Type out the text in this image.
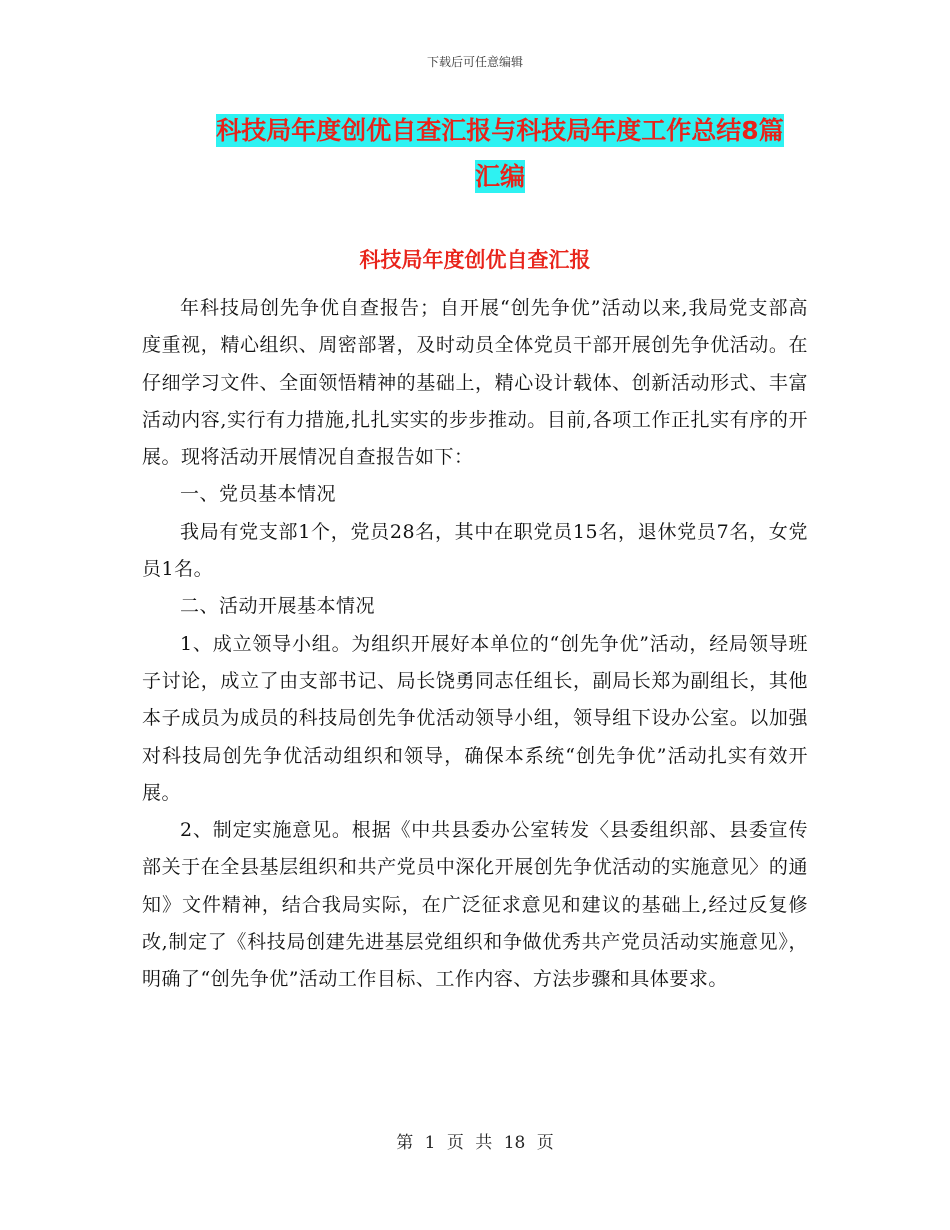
下载后可任意编辑
科技局年度创优自查汇报与科技局年度工作总结8篇
汇编
科技局年度创优自查汇报

年科技局创先争优自查报告；自开展“创先争优”活动以来,我局党支部高度重视，精心组织、周密部署，及时动员全体党员干部开展创先争优活动。在仔细学习文件、全面领悟精神的基础上，精心设计载体、创新活动形式、丰富活动内容,实行有力措施,扎扎实实的步步推动。目前,各项工作正扎实有序的开展。现将活动开展情况自查报告如下：

一、党员基本情况

我局有党支部1个，党员28名，其中在职党员15名，退休党员7名，女党员1名。

二、活动开展基本情况

1、成立领导小组。为组织开展好本单位的“创先争优”活动，经局领导班子讨论，成立了由支部书记、局长饶勇同志任组长，副局长郑为副组长，其他本子成员为成员的科技局创先争优活动领导小组，领导组下设办公室。以加强对科技局创先争优活动组织和领导，确保本系统“创先争优”活动扎实有效开展。

2、制定实施意见。根据《中共县委办公室转发〈县委组织部、县委宣传部关于在全县基层组织和共产党员中深化开展创先争优活动的实施意见〉的通知》文件精神，结合我局实际，在广泛征求意见和建议的基础上,经过反复修改,制定了《科技局创建先进基层党组织和争做优秀共产党员活动实施意见》，明确了“创先争优”活动工作目标、工作内容、方法步骤和具体要求。

第 1 页 共 18 页
